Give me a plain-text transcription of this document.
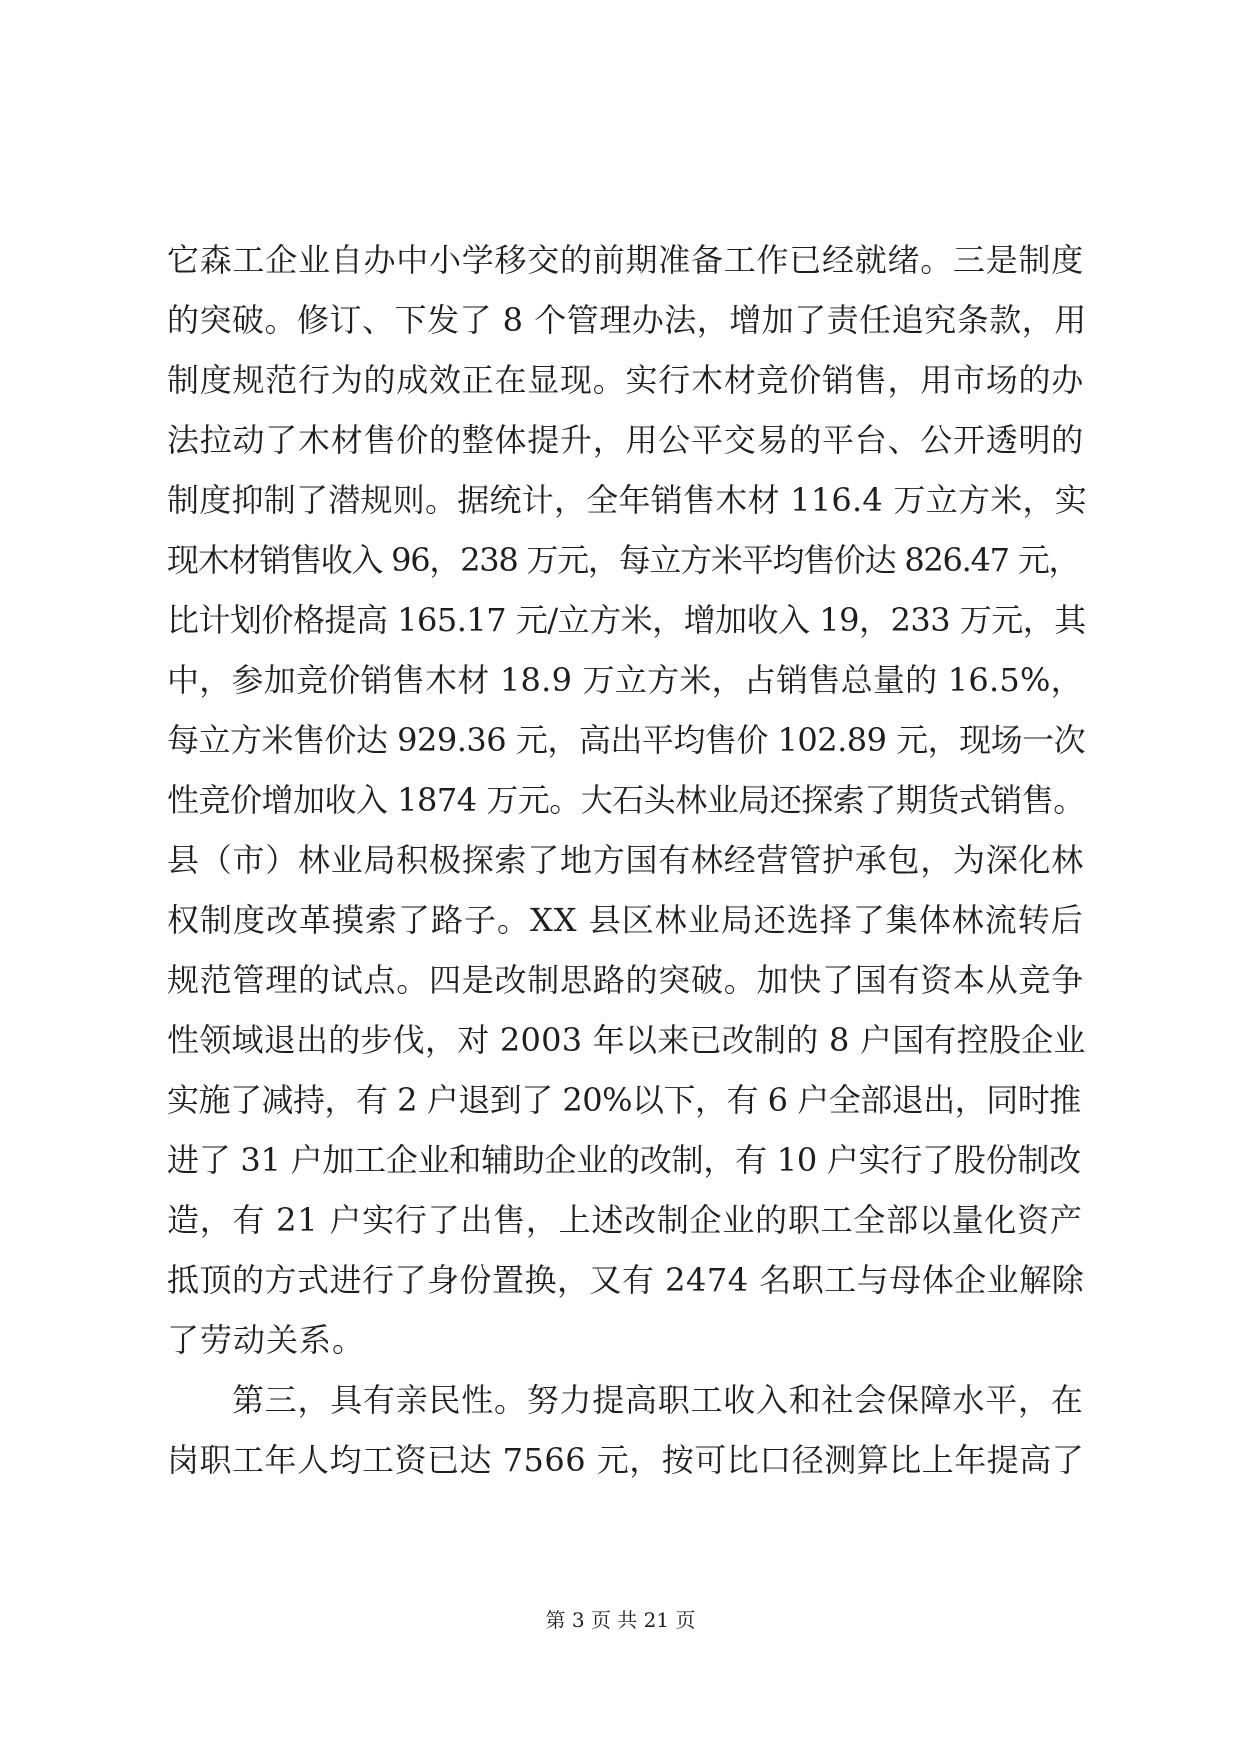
它森工企业自办中小学移交的前期准备工作已经就绪。三是制度
的突破。修订、下发了 8 个管理办法，增加了责任追究条款，用
制度规范行为的成效正在显现。实行木材竞价销售，用市场的办
法拉动了木材售价的整体提升，用公平交易的平台、公开透明的
制度抑制了潜规则。据统计，全年销售木材 116.4 万立方米，实
现木材销售收入 96，238 万元，每立方米平均售价达 826.47 元，
比计划价格提高 165.17 元/立方米，增加收入 19，233 万元，其
中，参加竞价销售木材 18.9 万立方米，占销售总量的 16.5%，
每立方米售价达 929.36 元，高出平均售价 102.89 元，现场一次
性竞价增加收入 1874 万元。大石头林业局还探索了期货式销售。
县（市）林业局积极探索了地方国有林经营管护承包，为深化林
权制度改革摸索了路子。XX 县区林业局还选择了集体林流转后
规范管理的试点。四是改制思路的突破。加快了国有资本从竞争
性领域退出的步伐，对 2003 年以来已改制的 8 户国有控股企业
实施了减持，有 2 户退到了 20%以下，有 6 户全部退出，同时推
进了 31 户加工企业和辅助企业的改制，有 10 户实行了股份制改
造，有 21 户实行了出售，上述改制企业的职工全部以量化资产
抵顶的方式进行了身份置换，又有 2474 名职工与母体企业解除
了劳动关系。
第三，具有亲民性。努力提高职工收入和社会保障水平，在
岗职工年人均工资已达 7566 元，按可比口径测算比上年提高了
第 3 页 共 21 页
